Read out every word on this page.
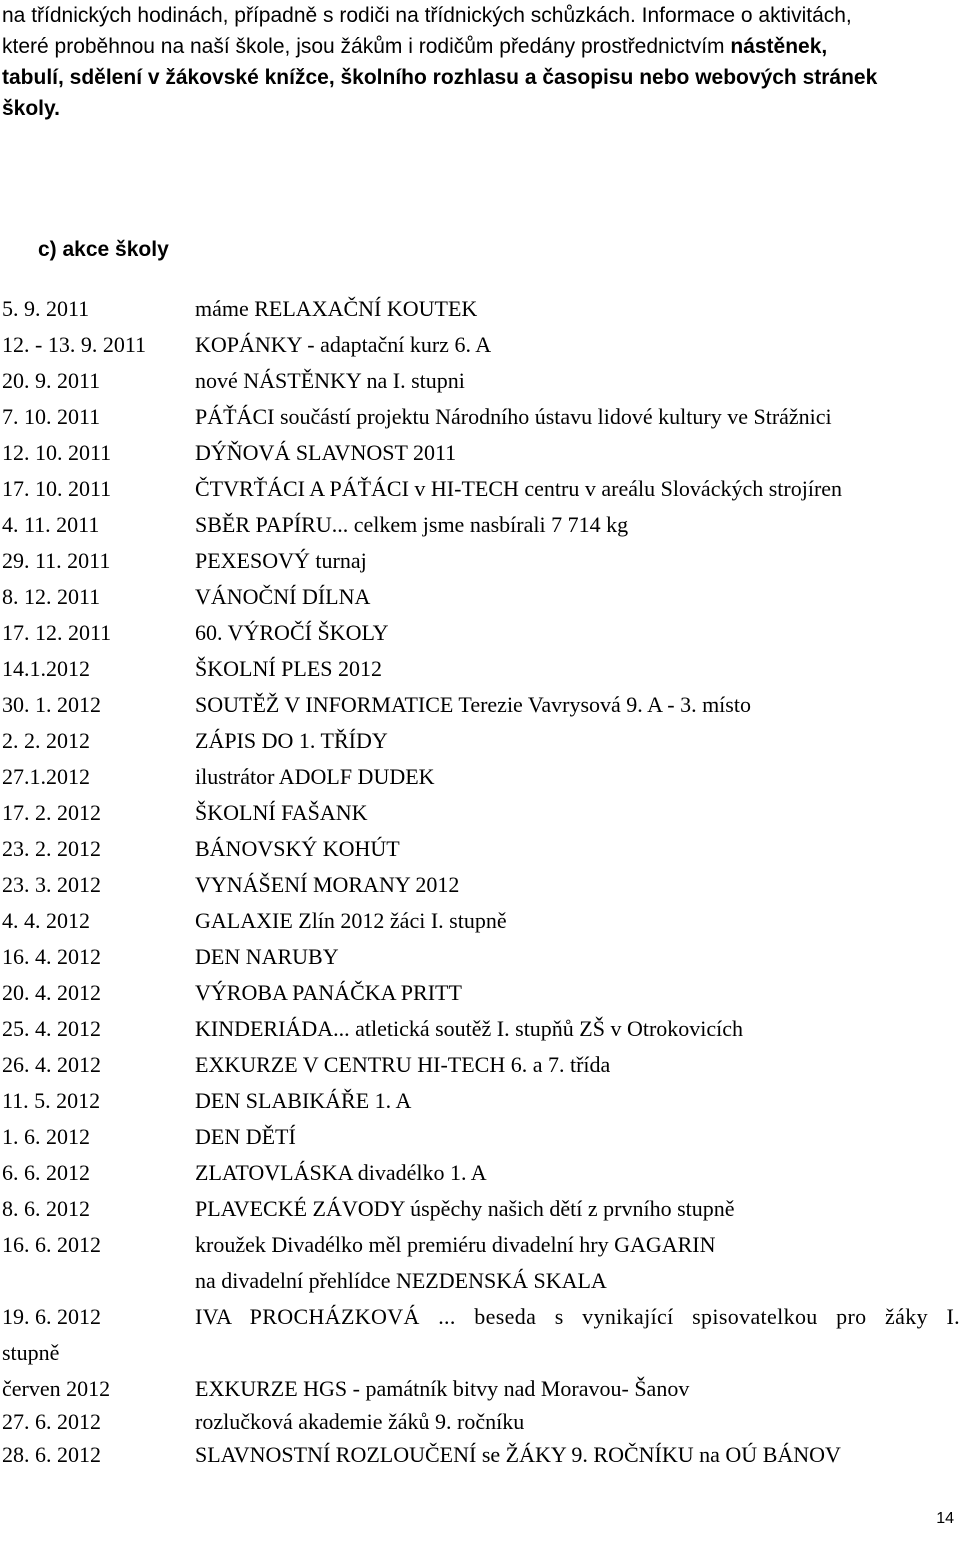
na třídnických hodinách, případně s rodiči na třídnických schůzkách. Informace o aktivitách,
které proběhnou na naší škole, jsou žákům i rodičům předány prostřednictvím nástěnek,
tabulí, sdělení v žákovské knížce, školního rozhlasu a časopisu nebo webových stránek
školy.
c) akce školy
5. 9. 2011	máme RELAXAČNÍ KOUTEK
12. - 13. 9. 2011 KOPÁNKY - adaptační kurz 6. A
20. 9. 2011	nové NÁSTĚNKY na I. stupni
7. 10. 2011	PÁŤÁCI součástí projektu Národního ústavu lidové kultury ve Strážnici
12. 10. 2011	DÝŇOVÁ SLAVNOST 2011
17. 10. 2011	ČTVRŤÁCI A PÁŤÁCI v HI-TECH centru v areálu Slováckých strojíren
4. 11. 2011	SBĚR PAPÍRU... celkem jsme nasbírali 7 714 kg
29. 11. 2011	PEXESOVÝ turnaj
8. 12. 2011	VÁNOČNÍ DÍLNA
17. 12. 2011	60. VÝROČÍ ŠKOLY
14.1.2012	ŠKOLNÍ PLES 2012
30. 1. 2012	SOUTĚŽ V INFORMATICE Terezie Vavrysová 9. A - 3. místo
2. 2. 2012	ZÁPIS DO 1. TŘÍDY
27.1.2012	ilustrátor ADOLF DUDEK
17. 2. 2012	ŠKOLNÍ FAŠANK
23. 2. 2012	BÁNOVSKÝ KOHÚT
23. 3. 2012	VYNÁŠENÍ MORANY 2012
4. 4. 2012	GALAXIE Zlín 2012 žáci I. stupně
16. 4. 2012	DEN NARUBY
20. 4. 2012	VÝROBA PANÁČKA PRITT
25. 4. 2012	KINDERIÁDA... atletická soutěž I. stupňů ZŠ v Otrokovicích
26. 4. 2012	EXKURZE V CENTRU HI-TECH 6. a 7. třída
11. 5. 2012	DEN SLABIKÁŘE 1. A
1. 6. 2012	DEN DĚTÍ
6. 6. 2012	ZLATOVLÁSKA divadélko 1. A
8. 6. 2012	PLAVECKÉ ZÁVODY úspěchy našich dětí z prvního stupně
16. 6. 2012	kroužek Divadélko měl premiéru divadelní hry GAGARIN
na divadelní přehlídce NEZDENSKÁ SKALA
19. 6. 2012	IVA PROCHÁZKOVÁ ... beseda s vynikající spisovatelkou pro žáky I.
stupně
červen 2012	EXKURZE HGS - památník bitvy nad Moravou- Šanov
27. 6. 2012	rozlučková akademie žáků 9. ročníku
28. 6. 2012	SLAVNOSTNÍ ROZLOUČENÍ se ŽÁKY 9. ROČNÍKU na OÚ BÁNOV
14
